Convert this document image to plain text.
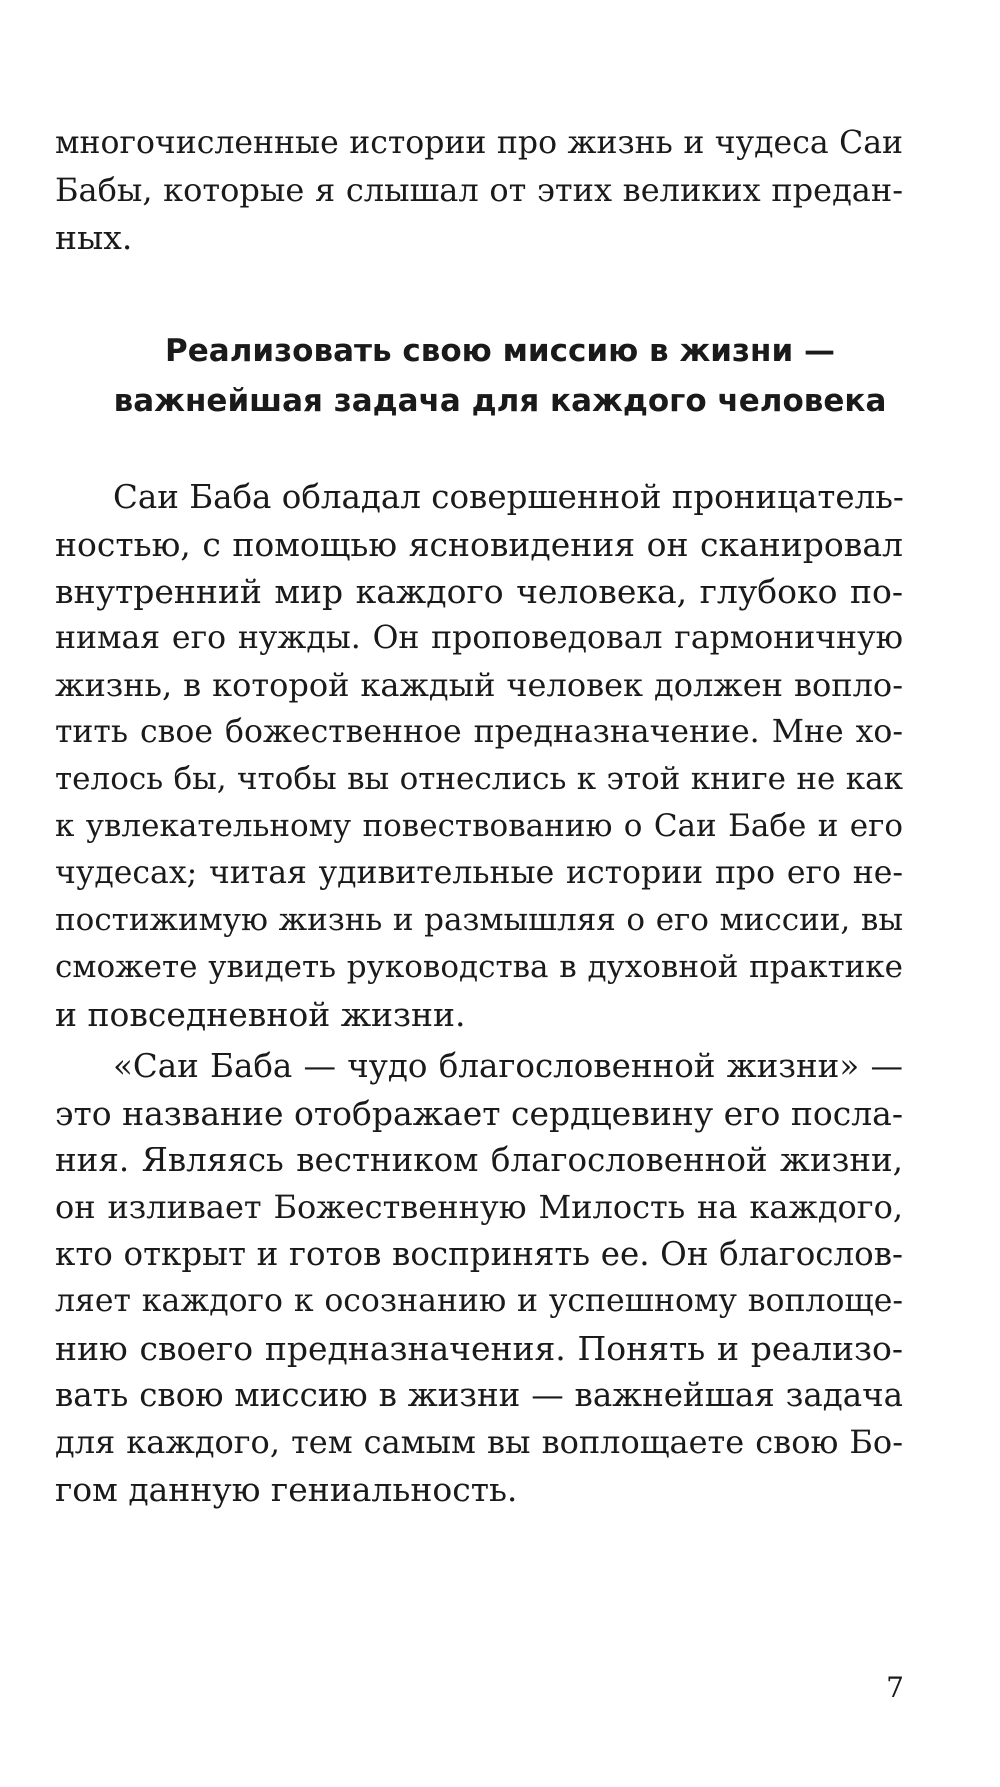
многочисленные истории про жизнь и чудеса Саи
Бабы, которые я слышал от этих великих предан-
ных.
Реализовать свою миссию в жизни —
важнейшая задача для каждого человека
Саи Баба обладал совершенной проницатель-
ностью, с помощью ясновидения он сканировал
внутренний мир каждого человека, глубоко по-
нимая его нужды. Он проповедовал гармоничную
жизнь, в которой каждый человек должен вопло-
тить свое божественное предназначение. Мне хо-
телось бы, чтобы вы отнеслись к этой книге не как
к увлекательному повествованию о Саи Бабе и его
чудесах; читая удивительные истории про его не-
постижимую жизнь и размышляя о его миссии, вы
сможете увидеть руководства в духовной практике
и повседневной жизни.
«Саи Баба — чудо благословенной жизни» —
это название отображает сердцевину его посла-
ния. Являясь вестником благословенной жизни,
он изливает Божественную Милость на каждого,
кто открыт и готов воспринять ее. Он благослов-
ляет каждого к осознанию и успешному воплоще-
нию своего предназначения. Понять и реализо-
вать свою миссию в жизни — важнейшая задача
для каждого, тем самым вы воплощаете свою Бо-
гом данную гениальность.
7
